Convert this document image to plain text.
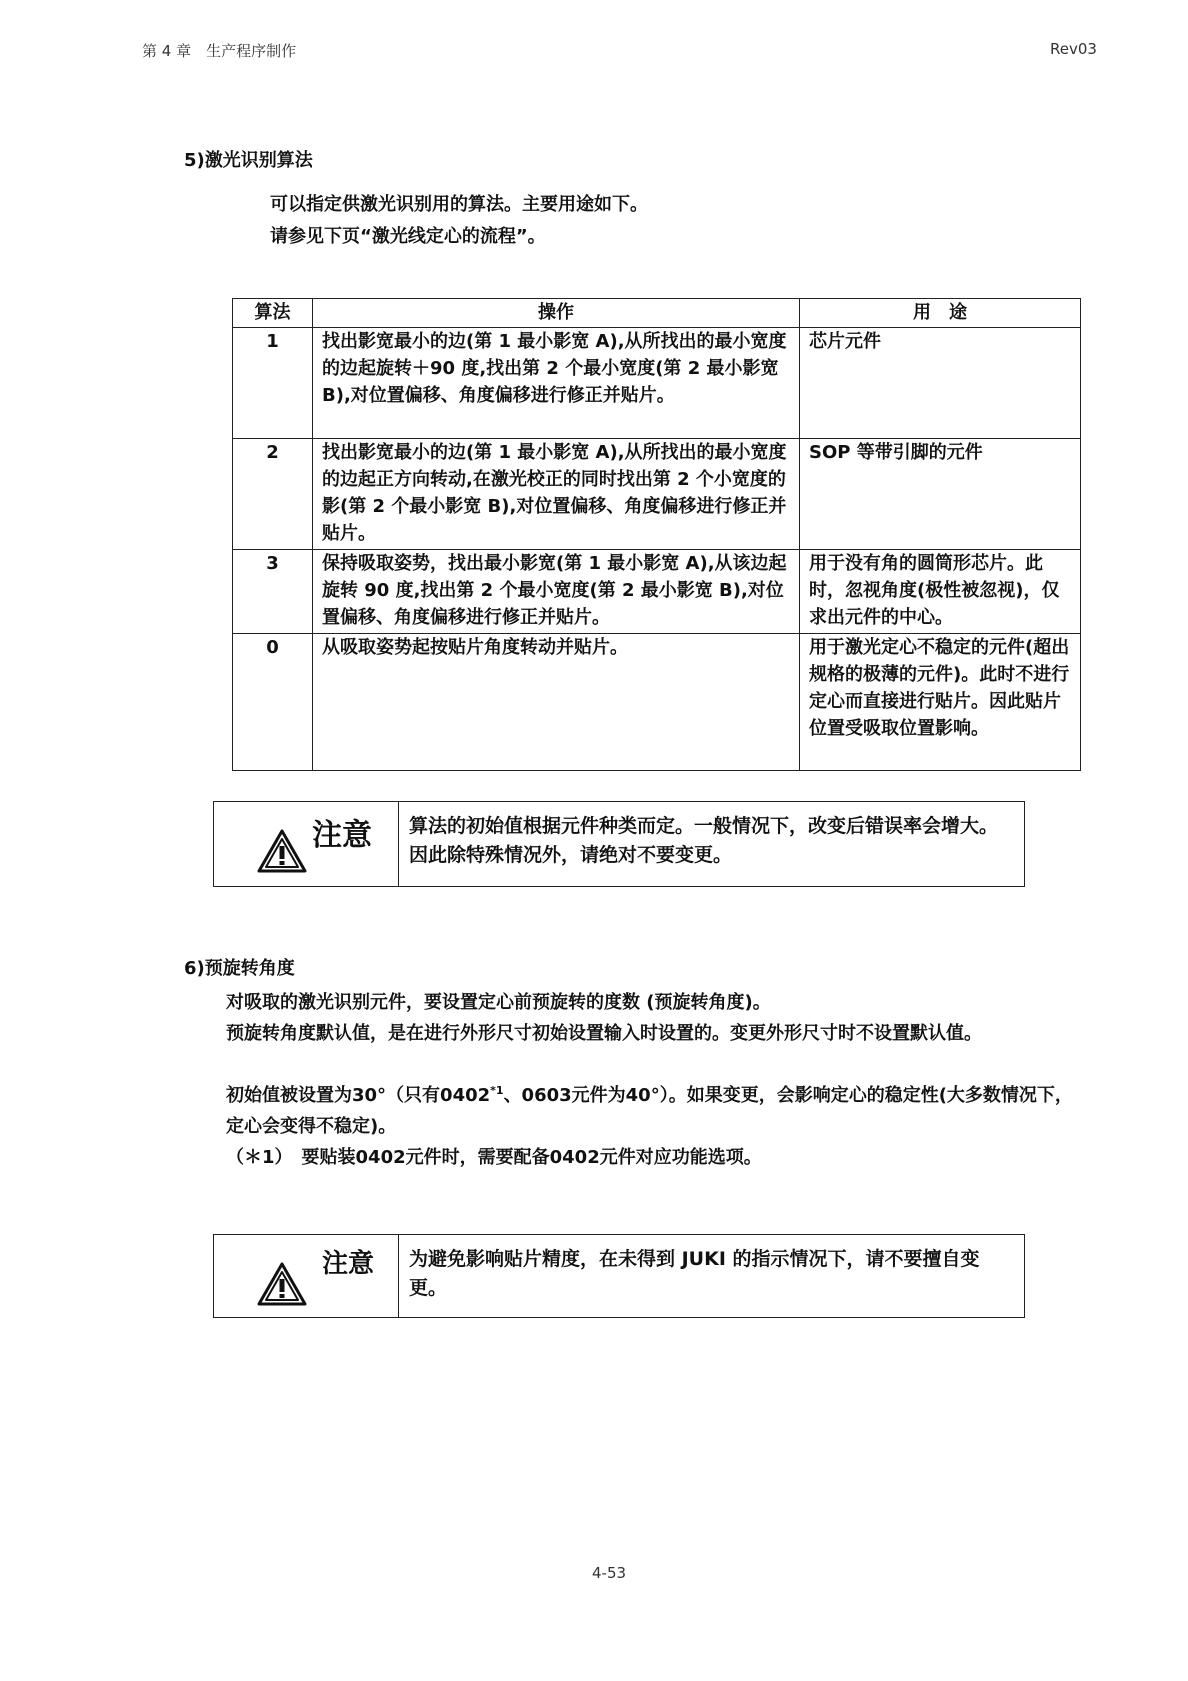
第 4 章　生产程序制作	Rev03
5)激光识别算法
可以指定供激光识别用的算法。主要用途如下。
请参见下页“激光线定心的流程”。
算法	操作	用　途
1	找出影宽最小的边(第 1 最小影宽 A),从所找出的最小宽度的边起旋转＋90 度,找出第 2 个最小宽度(第 2 最小影宽 B),对位置偏移、角度偏移进行修正并贴片。	芯片元件
2	找出影宽最小的边(第 1 最小影宽 A),从所找出的最小宽度的边起正方向转动,在激光校正的同时找出第 2 个小宽度的影(第 2 个最小影宽 B),对位置偏移、角度偏移进行修正并贴片。	SOP 等带引脚的元件
3	保持吸取姿势，找出最小影宽(第 1 最小影宽 A),从该边起旋转 90 度,找出第 2 个最小宽度(第 2 最小影宽 B),对位置偏移、角度偏移进行修正并贴片。	用于没有角的圆筒形芯片。此时，忽视角度(极性被忽视)，仅求出元件的中心。
0	从吸取姿势起按贴片角度转动并贴片。	用于激光定心不稳定的元件(超出规格的极薄的元件)。此时不进行定心而直接进行贴片。因此贴片位置受吸取位置影响。
注意	算法的初始值根据元件种类而定。一般情况下，改变后错误率会增大。因此除特殊情况外，请绝对不要变更。
6)预旋转角度
对吸取的激光识别元件，要设置定心前预旋转的度数 (预旋转角度)。
预旋转角度默认值，是在进行外形尺寸初始设置输入时设置的。变更外形尺寸时不设置默认值。
初始值被设置为30°（只有0402$^{*1}$、0603元件为40°）。如果变更，会影响定心的稳定性(大多数情况下，定心会变得不稳定)。
（＊1）　要贴装0402元件时，需要配备0402元件对应功能选项。
注意	为避免影响贴片精度，在未得到 JUKI 的指示情况下，请不要擅自变更。
4-53
